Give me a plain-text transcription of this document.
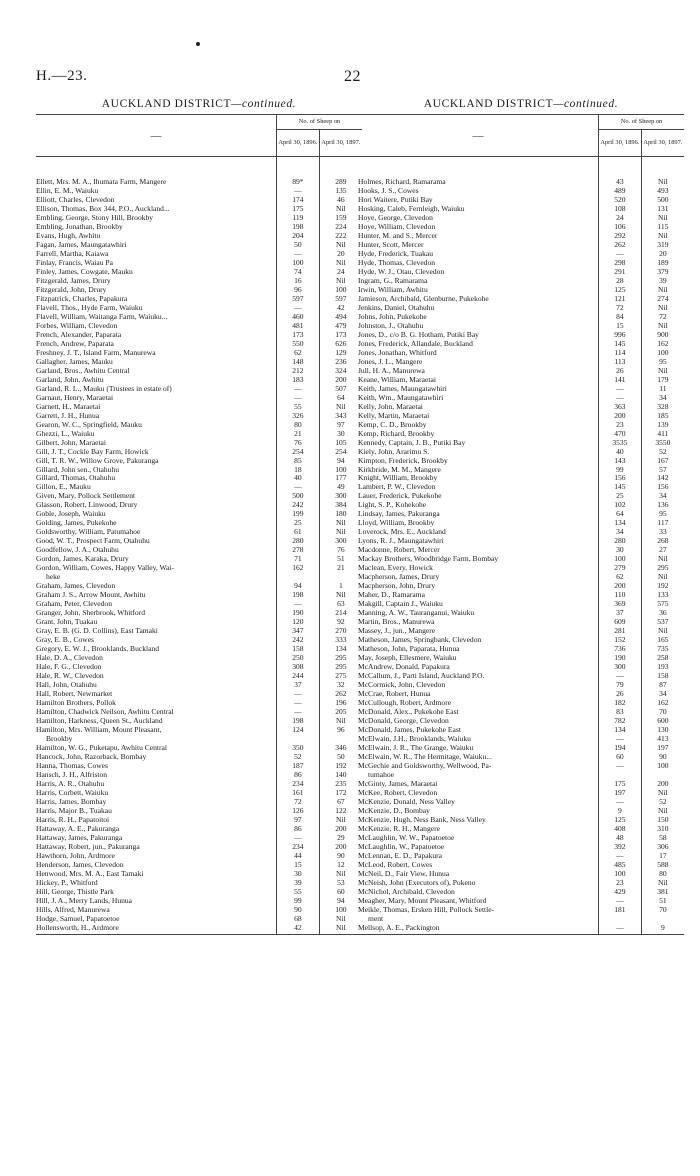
H.—23.	22
AUCKLAND DISTRICT—continued.
—	No. of Sheep on	
	April 30, 1896.	April 30, 1897.

Ellett, Mrs. M. A., Ihumata Farm, Mangere	89*	289
Ellin, E. M., Waiuku	—	135
Elliott, Charles, Clevedon	174	46
Ellison, Thomas, Box 344, P.O., Auckland...	175	Nil
Embling, George, Stony Hill, Brookby	119	159
Embling, Jonathan, Brookby	198	224
Evans, Hugh, Awhitu	204	222
Fagan, James, Maungatawhiri	50	Nil
Farrell, Martha, Kaiawa	—	20
Finlay, Francis, Waiau Pa	100	Nil
Finley, James, Cowgate, Mauku	74	24
Fitzgerald, James, Drury	16	Nil
Fitzgerald, John, Drury	96	100
Fitzpatrick, Charles, Papakura	597	597
Flavell, Thos., Hyde Farm, Waiuku	—	42
Flavell, William, Waitanga Farm, Waiuku...	460	494
Forbes, William, Clevedon	481	479
French, Alexander, Paparata	173	173
French, Andrew, Paparata	550	626
Freshney, J. T., Island Farm, Manurewa	62	129
Gallagher, James, Mauku	148	236
Garland, Bros., Awhitu Central	212	324
Garland, John, Awhitu	183	200
Garland, R. L., Mauku (Trustees in estate of)	—	507
Garnaut, Henry, Maraetai	—	64
Garnett, H., Maraetai	55	Nil
Garrett, J. H., Hunua	326	343
Gearon, W. C., Springfield, Mauku	80	97
Ghezzi, L., Waiuku	21	30
Gilbert, John, Maraetai	76	105
Gill, J. T., Cockle Bay Farm, Howick	254	254
Gill, T. R. W., Willow Grove, Pakuranga	85	94
Gillard, John sen., Otahuhu	18	100
Gillard, Thomas, Otahuhu	40	177
Gillon, E., Mauku	—	49
Given, Mary, Pollock Settlement	500	300
Glasson, Robert, Linwood, Drury	242	384
Goble, Joseph, Waiuku	199	180
Golding, James, Pukekohe	25	Nil
Goldsworthy, William, Patumahoe	61	Nil
Good, W. T., Prospect Farm, Otahuhu	280	300
Goodfellow, J. A., Otahuhu	278	76
Gordon, James, Karaka, Drury	71	51
Gordon, William, Cowes, Happy Valley, Wai-	162	21
heke		
Graham, James, Clevedon	94	1
Graham J. S., Arrow Mount, Awhitu	198	Nil
Graham, Peter, Clevedon	—	63
Granger, John, Sherbrook, Whitford	190	214
Grant, John, Tuakau	120	92
Gray, E. B. (G. D. Collins), East Tamaki	347	270
Gray, E. B., Cowes	242	333
Gregory, E. W. J., Brooklands, Buckland	158	134
Hale, D. A., Clevedon	250	295
Hale, F. G., Clevedon	308	295
Hale, R. W., Clevedon	244	275
Hall, John, Otahuhu	37	32
Hall, Robert, Newmarket	—	262
Hamilton Brothers, Pollok	—	196
Hamilton, Chadwick Neilson, Awhitu Central	—	205
Hamilton, Harkness, Queen St., Auckland	198	Nil
Hamilton, Mrs. William, Mount Pleasant,	124	96
Brookby		
Hamilton, W. G., Puketapu, Awhitu Central	350	346
Hancock, John, Razorback, Bombay	52	50
Hanna, Thomas, Cowes	187	192
Hansch, J. H., Alfriston	86	140
Harris, A. R., Otahuhu	234	235
Harris, Corbett, Waiuku	161	172
Harris, James, Bombay	72	67
Harris, Major B., Tuakau	126	122
Harris, R. H., Papatoitoi	97	Nil
Hattaway, A. E., Pakuranga	86	200
Hattaway, James, Pakuranga	—	29
Hattaway, Robert, jun., Pakuranga	234	200
Hawthorn, John, Ardmore	44	90
Henderson, James, Clevedon	15	12
Henwood, Mrs. M. A., East Tamaki	30	Nil
Hickey, P., Whitford	39	53
Hill, George, Thistle Park	55	60
Hill, J. A., Merry Lands, Hunua	99	94
Hills, Alfred, Manurewa	90	100
Hodge, Samuel, Papatoetoe	68	Nil
Hollensworth, H., Ardmore	42	Nil

AUCKLAND DISTRICT—continued.
—	No. of Sheep on	
	April 30, 1896.	April 30, 1897.

Holmes, Richard, Ramarama	43	Nil
Hooks, J. S., Cowes	489	493
Hori Waitere, Putiki Bay	520	500
Hosking, Caleb, Fernleigh, Waiuku	108	131
Hoye, George, Clevedon	24	Nil
Hoye, William, Clevedon	106	115
Hunter, M. and S., Mercer	292	Nil
Hunter, Scott, Mercer	262	319
Hyde, Frederick, Tuakau	—	20
Hyde, Thomas, Clevedon	298	189
Hyde, W. J., Otau, Clevedon	291	379
Ingram, G., Ramarama	28	39
Irwin, William, Awhitu	125	Nil
Jamieson, Archibald, Glenburne, Pukekohe	121	274
Jenkins, Daniel, Otahuhu	72	Nil
Johns, John, Pukekohe	84	72
Johnston, J., Otahuhu	15	Nil
Jones, D., c/o B. G. Hotham, Putiki Bay	996	900
Jones, Frederick, Allandale, Buckland	145	162
Jones, Jonathan, Whitford	114	100
Jones, J. L., Mangere	113	95
Jull, H. A., Manurewa	26	Nil
Keane, William, Maraetai	141	179
Keith, James, Maungatawhiri	—	11
Keith, Wm., Maungatawhiri	—	34
Kelly, John, Maraetai	363	328
Kelly, Martin, Maraetai	200	185
Kemp, C. D., Brookby	23	139
Kemp, Richard, Brookby	470	411
Kennedy, Captain, J. B., Putiki Bay	3535	3550
Kiely, John, Ararimu S.	40	52
Kimpton, Frederick, Brookby	143	167
Kirkbride, M. M., Mangere	99	57
Knight, William, Brookby	156	142
Lambert, P. W., Clevedon	145	156
Lauer, Frederick, Pukekohe	25	34
Light, S. P., Kohekohe	102	136
Lindsay, James, Pakuranga	64	95
Lloyd, William, Brookby	134	117
Loverock, Mrs. E., Auckland	34	33
Lyons, R. J., Maungatawhiri	280	268
Macdonne, Robert, Mercer	30	27
Mackay Brothers, Woodbridge Farm, Bombay	100	Nil
Maclean, Every, Howick	279	295
Macpherson, James, Drury	62	Nil
Macpherson, John, Drury	200	192
Maher, D., Ramarama	110	133
Makgill, Captain J., Waiuku	369	575
Manning, A. W., Tauranganui, Waiuku	37	36
Martin, Bros., Manurewa	609	537
Massey, J., jun., Mangere	281	Nil
Matheson, James, Springbank, Clevedon	152	165
Matheson, John, Paparata, Hunua	736	735
May, Joseph, Ellesmere, Waiuku	190	258
McAndrew, Donald, Papakura	300	193
McCallum, J., Parti Island, Auckland P.O.	—	158
McCormick, John, Clevedon	79	87
McCrae, Robert, Hunua	26	34
McCullough, Robert, Ardmore	182	162
McDonald, Alex., Pukekohe East	83	70
McDonald, George, Clevedon	782	600
McDonald, James, Pukekohe East	134	130
McElwain, J.H., Brooklands, Waiuku	—	413
McElwain, J. R., The Grange, Waiuku	194	197
McElwain, W. R., The Hermitage, Waiuku...	60	90
McGechie and Goldsworthy, Wellwood, Pa-	—	100
tumahoe		
McGinty, James, Maraetai	175	200
McKee, Robert, Clevedon	197	Nil
McKenzie, Donald, Ness Valley	—	52
McKenzie, D., Bombay	9	Nil
McKenzie, Hugh, Ness Bank, Ness Valley	125	150
McKenzie, R. H., Mangere	408	310
McLaughlin, W. W., Papatoetoe	48	58
McLaughlin, W., Papatoetoe	392	306
McLennan, E. D., Papakura	—	17
McLeod, Robert, Cowes	485	588
McNeil, D., Fair View, Hunua	100	80
McNeish, John (Executors of), Pokeno	23	Nil
McNichol, Archibald, Clevedon	429	381
Meagher, Mary, Mount Pleasant, Whitford	—	51
Meikle, Thomas, Ersken Hill, Pollock Settle-	181	70
ment		
Mellsop, A. E., Packington	—	9
